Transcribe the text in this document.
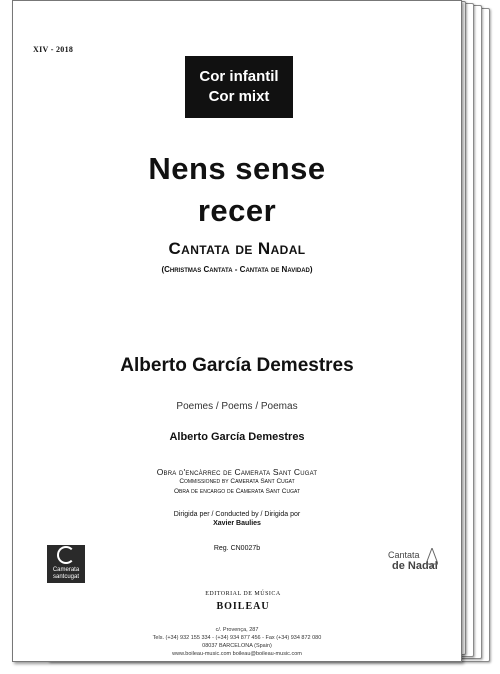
XIV - 2018
Cor infantil
Cor mixt
Nens sense
recer
Cantata de Nadal
(Christmas Cantata - Cantata de Navidad)
Alberto García Demestres
Poemes / Poems / Poemas
Alberto García Demestres
Obra d'encàrrec de Camerata Sant Cugat
Commissioned by Camerata Sant Cugat
Obra de encargo de Camerata Sant Cugat
Dirigida per / Conducted by / Dirigida por
Xavier Baulies
Reg. CN0027b
Camerata
santcugat
Cantata
de Nadal
EDITORIAL DE MÚSICA
BOILEAU
c/. Provença, 287
Tels. (+34) 932 155 334 - (+34) 934 877 456 - Fax (+34) 934 872 080
08037 BARCELONA (Spain)
www.boileau-music.com boileau@boileau-music.com
